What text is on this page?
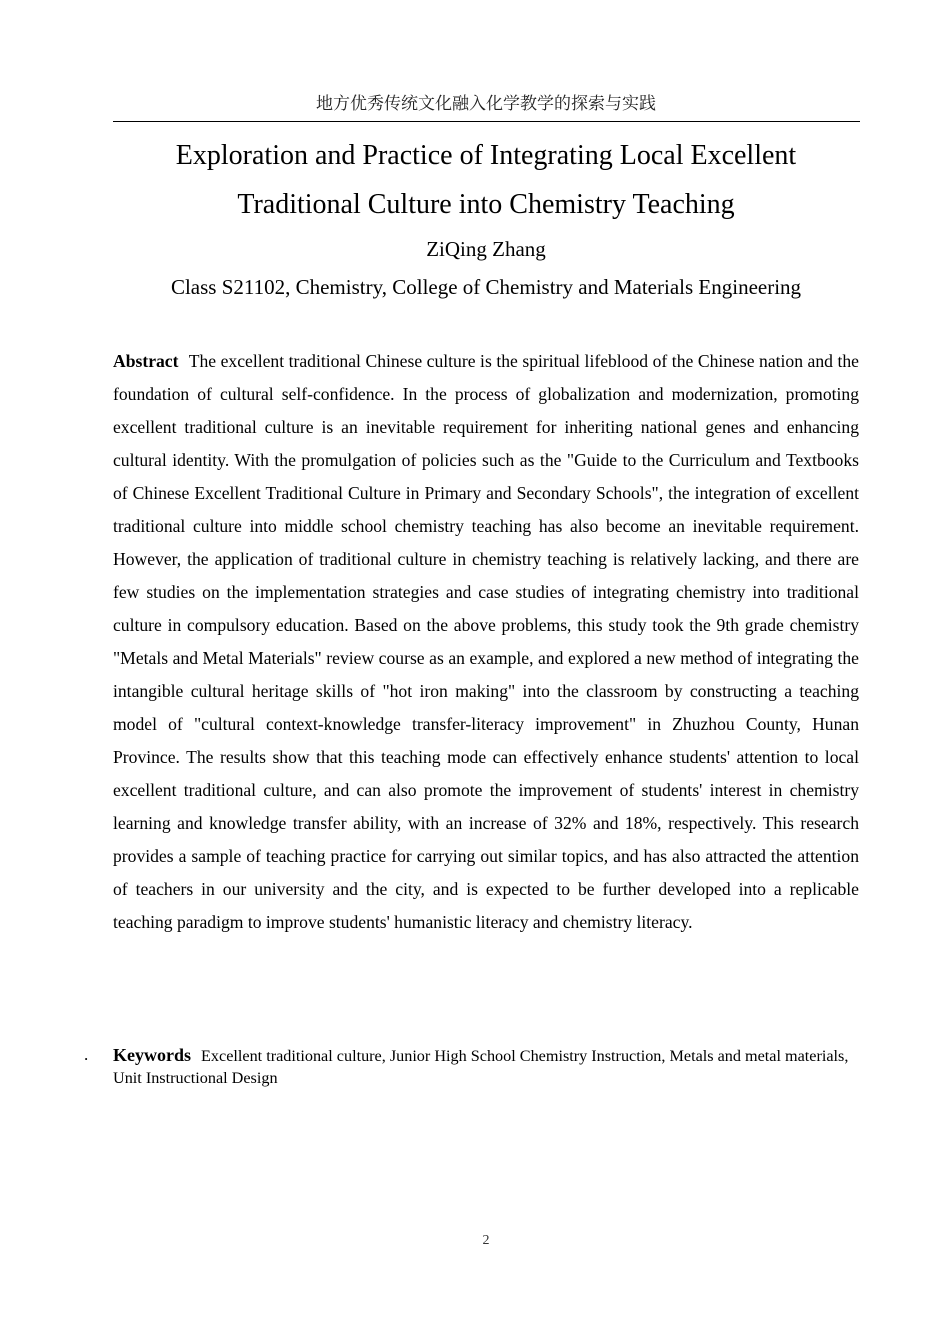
地方优秀传统文化融入化学教学的探索与实践
Exploration and Practice of Integrating Local Excellent Traditional Culture into Chemistry Teaching
ZiQing Zhang
Class S21102, Chemistry, College of Chemistry and Materials Engineering

Abstract The excellent traditional Chinese culture is the spiritual lifeblood of the Chinese nation and the foundation of cultural self-confidence. In the process of globalization and modernization, promoting excellent traditional culture is an inevitable requirement for inheriting national genes and enhancing cultural identity. With the promulgation of policies such as the "Guide to the Curriculum and Textbooks of Chinese Excellent Traditional Culture in Primary and Secondary Schools", the integration of excellent traditional culture into middle school chemistry teaching has also become an inevitable requirement. However, the application of traditional culture in chemistry teaching is relatively lacking, and there are few studies on the implementation strategies and case studies of integrating chemistry into traditional culture in compulsory education. Based on the above problems, this study took the 9th grade chemistry "Metals and Metal Materials" review course as an example, and explored a new method of integrating the intangible cultural heritage skills of "hot iron making" into the classroom by constructing a teaching model of "cultural context-knowledge transfer-literacy improvement" in Zhuzhou County, Hunan Province. The results show that this teaching mode can effectively enhance students' attention to local excellent traditional culture, and can also promote the improvement of students' interest in chemistry learning and knowledge transfer ability, with an increase of 32% and 18%, respectively. This research provides a sample of teaching practice for carrying out similar topics, and has also attracted the attention of teachers in our university and the city, and is expected to be further developed into a replicable teaching paradigm to improve students' humanistic literacy and chemistry literacy.

. Keywords Excellent traditional culture, Junior High School Chemistry Instruction, Metals and metal materials, Unit Instructional Design

2
